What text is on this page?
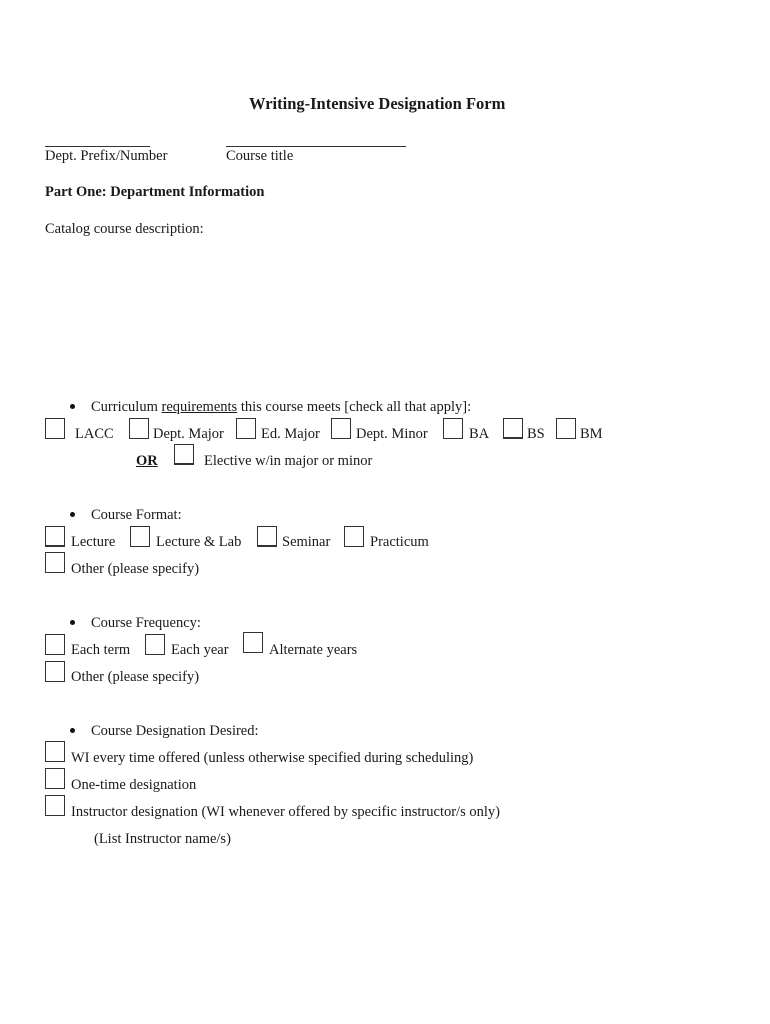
Writing-Intensive Designation Form
Dept. Prefix/Number	Course title
Part One: Department Information
Catalog course description:
Curriculum requirements this course meets [check all that apply]:
LACC	Dept. Major	Ed. Major Dept. Minor	BA	BS BM
OR	Elective w/in major or minor
Course Format:
Lecture	Lecture & Lab	Seminar	Practicum
Other (please specify)
Course Frequency:
Each term	Each year	Alternate years
Other (please specify)
Course Designation Desired:
WI every time offered (unless otherwise specified during scheduling)
One-time designation
Instructor designation (WI whenever offered by specific instructor/s only)
(List Instructor name/s)
